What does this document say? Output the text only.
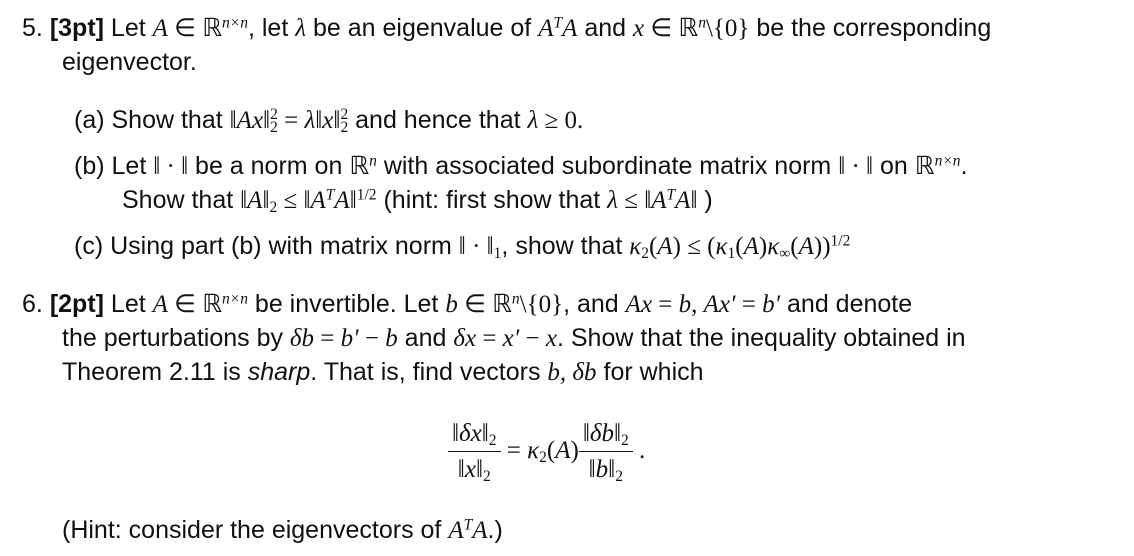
5. [3pt] Let A ∈ ℝ$^{n\times n}$, let λ be an eigenvalue of $A^TA$ and x ∈ ℝ$^n$\{0} be the corresponding
eigenvector.
(a) Show that ‖Ax‖ 2
2 = λ‖x‖ 2
2 and hence that λ ≥ 0.
(b) Let ‖ · ‖ be a norm on ℝ$^n$ with associated subordinate matrix norm ‖ · ‖ on ℝ$^{n\times n}$.
Show that $‖A‖_2$ ≤ $‖A^TA‖^{1/2}$ (hint: first show that $\lambda \le ‖A^TA‖$ )
(c) Using part (b) with matrix norm ‖ · $‖_1$, show that $\kappa_2(A) \le (\kappa_1(A)\kappa_\infty(A))^{1/2}$
6. [2pt] Let A ∈ ℝ$^{n\times n}$ be invertible. Let b ∈ ℝ$^n$\{0}, and Ax = b, Ax′ = b′ and denote
the perturbations by δb = b′ − b and δx = x′ − x. Show that the inequality obtained in
Theorem 2.11 is sharp. That is, find vectors b, δb for which
$\frac{‖\delta x‖_2}{‖x‖_2} = \kappa_2(A) \frac{‖\delta b‖_2}{‖b‖_2}$ .
(Hint: consider the eigenvectors of $A^TA$.)
